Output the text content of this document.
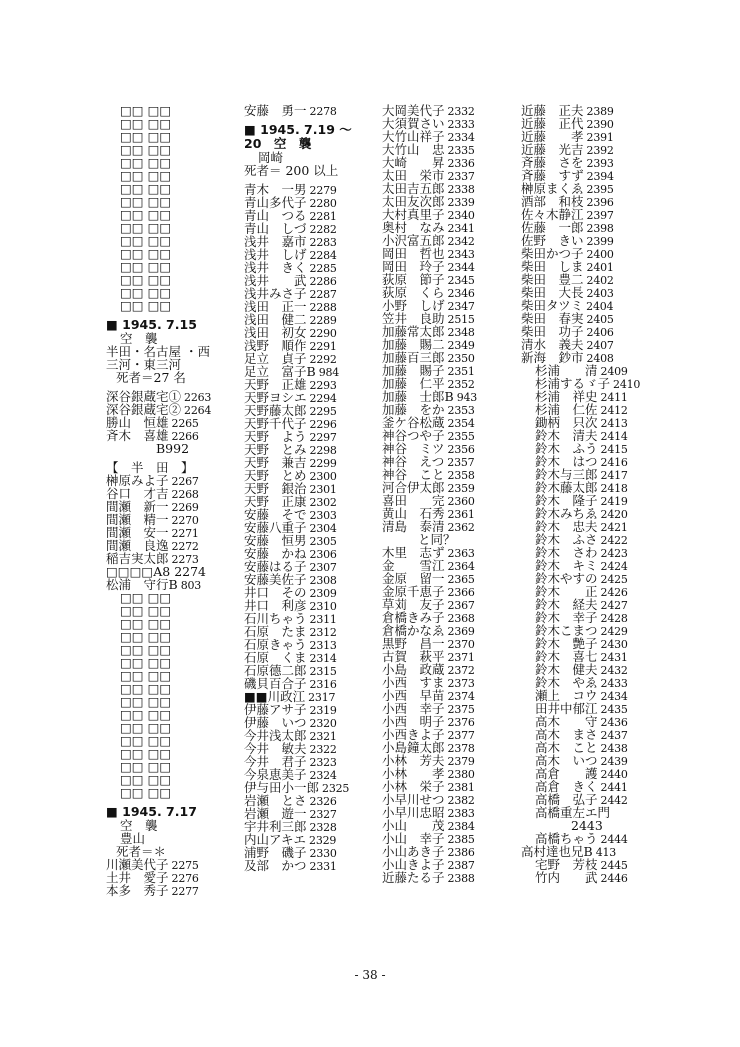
□□ □□
□□ □□
□□ □□
□□ □□
□□ □□
□□ □□
□□ □□
□□ □□
□□ □□
□□ □□
□□ □□
□□ □□
□□ □□
□□ □□
□□ □□
□□ □□
■ 1945. 7.15
空　襲
半田・名古屋 ・西
三河・東三河
死者＝27 名
深谷銀蔵宅① 2263
深谷銀蔵宅② 2264
勝山　恒雄 2265
斉木　喜雄 2266
B992
【　半　田　】
榊原みよ子 2267
谷口　才吉 2268
間瀬　新一 2269
間瀬　精一 2270
間瀬　安一 2271
間瀬　良逸 2272
稲吉実太郎 2273
□□□□A8 2274
松浦　守行B 803
□□ □□
□□ □□
□□ □□
□□ □□
□□ □□
□□ □□
□□ □□
□□ □□
□□ □□
□□ □□
□□ □□
□□ □□
□□ □□
□□ □□
□□ □□
□□ □□
■ 1945. 7.17
空　襲
豊山
死者＝＊
川瀬美代子 2275
土井　愛子 2276
本多　秀子 2277
安藤　勇一 2278
■ 1945. 7.19 ～
20　空　襲
岡崎
死者＝ 200 以上
青木　一男 2279
青山多代子 2280
青山　つる 2281
青山　しづ 2282
浅井　嘉市 2283
浅井　しげ 2284
浅井　きく 2285
浅井　　武 2286
浅井みさ子 2287
浅田　正一 2288
浅田　健二 2289
浅田　初女 2290
浅野　順作 2291
足立　貞子 2292
足立　富子B 984
天野　正雄 2293
天野ヨシエ 2294
天野藤太郎 2295
天野千代子 2296
天野　よう 2297
天野　とみ 2298
天野　兼吉 2299
天野　とめ 2300
天野　銀治 2301
天野　正康 2302
安藤　そで 2303
安藤八重子 2304
安藤　恒男 2305
安藤　かね 2306
安藤はる子 2307
安藤美佐子 2308
井口　その 2309
井口　利彦 2310
石川ちゃう 2311
石原　たま 2312
石原きゃう 2313
石原　くま 2314
石原德二郎 2315
磯貝百合子 2316
■■川政江 2317
伊藤アサ子 2319
伊藤　いつ 2320
今井浅太郎 2321
今井　敏夫 2322
今井　君子 2323
今泉恵美子 2324
伊与田小一郎 2325
岩瀬　とさ 2326
岩瀬　遊一 2327
宇井利三郎 2328
内山アキエ 2329
浦野　磯子 2330
及部　かつ 2331
大岡美代子 2332
大須賀さい 2333
大竹山祥子 2334
大竹山　忠 2335
大崎　　昇 2336
太田　栄市 2337
太田吉五郎 2338
太田友次郎 2339
大村真里子 2340
奥村　なみ 2341
小沢富五郎 2342
岡田　哲也 2343
岡田　玲子 2344
荻原　節子 2345
荻原　くら 2346
小野　しげ 2347
笠井　良助 2515
加藤常太郎 2348
加藤　賜二 2349
加藤百三郎 2350
加藤　賜子 2351
加藤　仁平 2352
加藤　士郎B 943
加藤　をか 2353
釜ケ谷松蔵 2354
神谷つや子 2355
神谷　ミツ 2356
神谷　えつ 2357
神谷　こと 2358
河合伊太郎 2359
喜田　　完 2360
黄山　石秀 2361
清島　泰清 2362
と同？
木里　志ず 2363
金　　雪江 2364
金原　留一 2365
金原千恵子 2366
草苅　友子 2367
倉橋きみ子 2368
倉橋かなゑ 2369
黒野　昌一 2370
古賀　萩平 2371
小島　政蔵 2372
小西　すま 2373
小西　早苗 2374
小西　幸子 2375
小西　明子 2376
小西きよ子 2377
小島鐘太郎 2378
小林　芳夫 2379
小林　　孝 2380
小林　栄子 2381
小早川せつ 2382
小早川忠昭 2383
小山　　茂 2384
小山　幸子 2385
小山あき子 2386
小山きよ子 2387
近藤たる子 2388
近藤　正夫 2389
近藤　正代 2390
近藤　　孝 2391
近藤　光吉 2392
斉藤　さを 2393
斉藤　すず 2394
榊原まくゑ 2395
酒部　和枝 2396
佐々木静江 2397
佐藤　一郎 2398
佐野　きい 2399
柴田かつ子 2400
柴田　しま 2401
柴田　豊二 2402
柴田　大長 2403
柴田タツミ 2404
柴田　春実 2405
柴田　功子 2406
清水　義夫 2407
新海　鈔市 2408
杉浦　　清 2409
杉浦するゞ子 2410
杉浦　祥史 2411
杉浦　仁佐 2412
鋤柄　只次 2413
鈴木　清夫 2414
鈴木　ふう 2415
鈴木　はつ 2416
鈴木与三郎 2417
鈴木藤太郎 2418
鈴木　隆子 2419
鈴木みちゑ 2420
鈴木　忠夫 2421
鈴木　ふさ 2422
鈴木　さわ 2423
鈴木　キミ 2424
鈴木やすの 2425
鈴木　　正 2426
鈴木　経夫 2427
鈴木　幸子 2428
鈴木こまつ 2429
鈴木　艶子 2430
鈴木　喜七 2431
鈴木　健夫 2432
鈴木　やゑ 2433
瀬上　コウ 2434
田井中郁江 2435
高木　　守 2436
高木　まさ 2437
高木　こと 2438
高木　いつ 2439
高倉　　護 2440
高倉　きく 2441
高橋　弘子 2442
高橋重左エ門
2443
高橋ちゃう 2444
高村達也兄B 413
宅野　芳枝 2445
竹内　　武 2446
- 38 -
